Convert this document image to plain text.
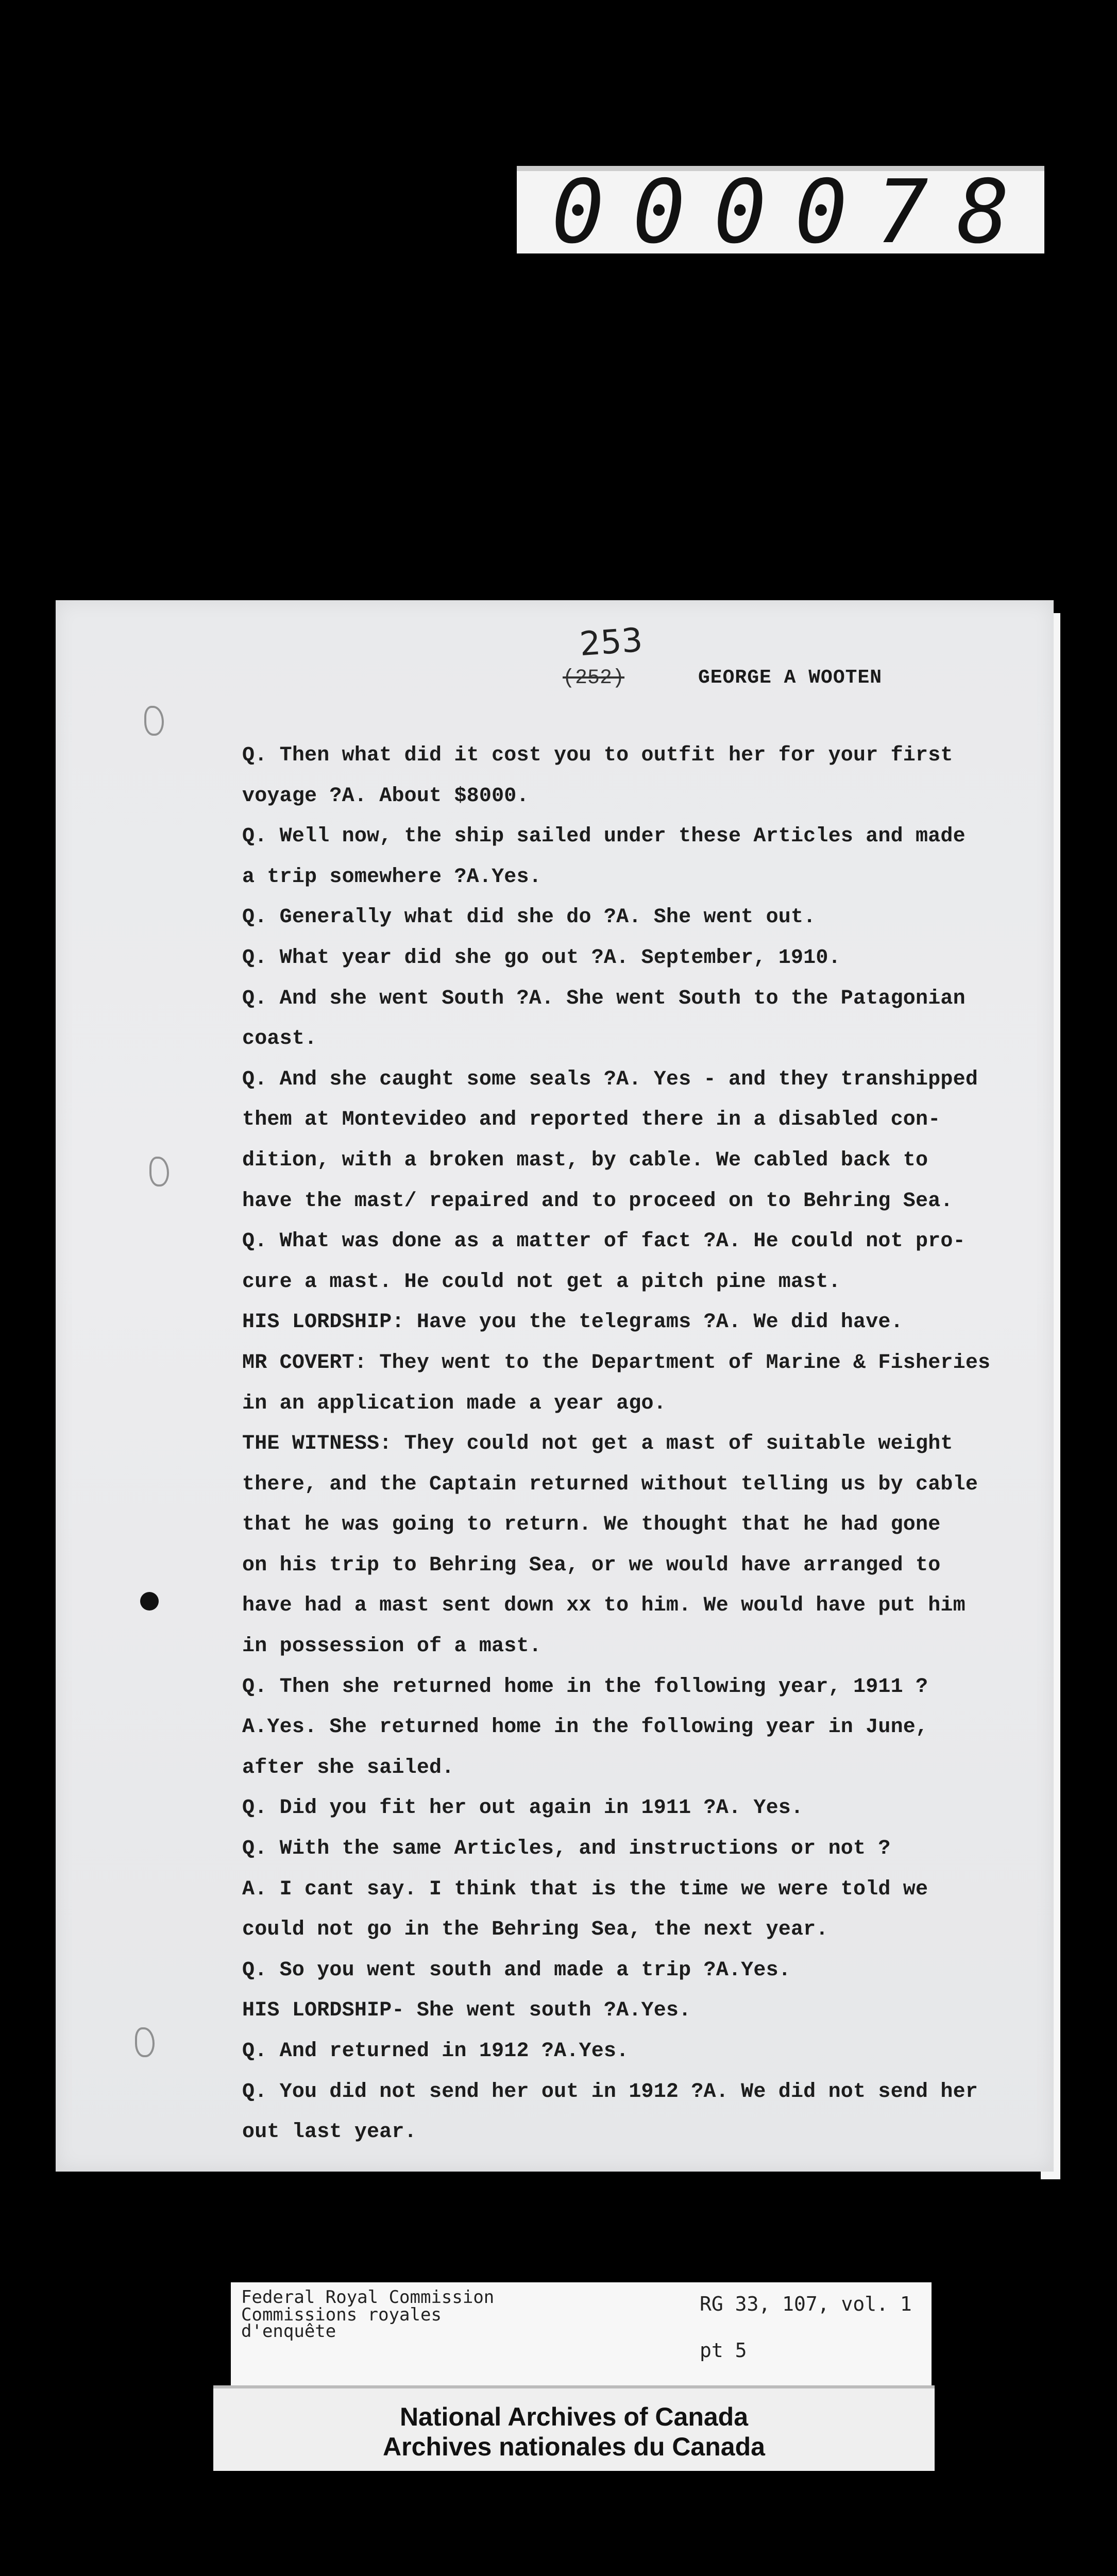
0 0 0 0 7 8
253
(252)	GEORGE A WOOTEN
Q. Then what did it cost you to outfit her for your first
voyage ?A. About $8000.
Q. Well now, the ship sailed under these Articles and made
a trip somewhere ?A.Yes.
Q. Generally what did she do ?A. She went out.
Q. What year did she go out ?A. September, 1910.
Q. And she went South ?A. She went South to the Patagonian
coast.
Q. And she caught some seals ?A. Yes - and they transhipped
them at Montevideo and reported there in a disabled con-
dition, with a broken mast, by cable. We cabled back to
have the mast/ repaired and to proceed on to Behring Sea.
Q. What was done as a matter of fact ?A. He could not pro-
cure a mast. He could not get a pitch pine mast.
HIS LORDSHIP: Have you the telegrams ?A. We did have.
MR COVERT: They went to the Department of Marine & Fisheries
in an application made a year ago.
THE WITNESS: They could not get a mast of suitable weight
there, and the Captain returned without telling us by cable
that he was going to return. We thought that he had gone
on his trip to Behring Sea, or we would have arranged to
have had a mast sent down xx to him. We would have put him
in possession of a mast.
Q. Then she returned home in the following year, 1911 ?
A.Yes. She returned home in the following year in June,
after she sailed.
Q. Did you fit her out again in 1911 ?A. Yes.
Q. With the same Articles, and instructions or not ?
A. I cant say. I think that is the time we were told we
could not go in the Behring Sea, the next year.
Q. So you went south and made a trip ?A.Yes.
HIS LORDSHIP- She went south ?A.Yes.
Q. And returned in 1912 ?A.Yes.
Q. You did not send her out in 1912 ?A. We did not send her
out last year.
Federal Royal Commission
Commissions royales
d'enquête
RG 33, 107, vol. 1
pt 5
National Archives of Canada
Archives nationales du Canada
